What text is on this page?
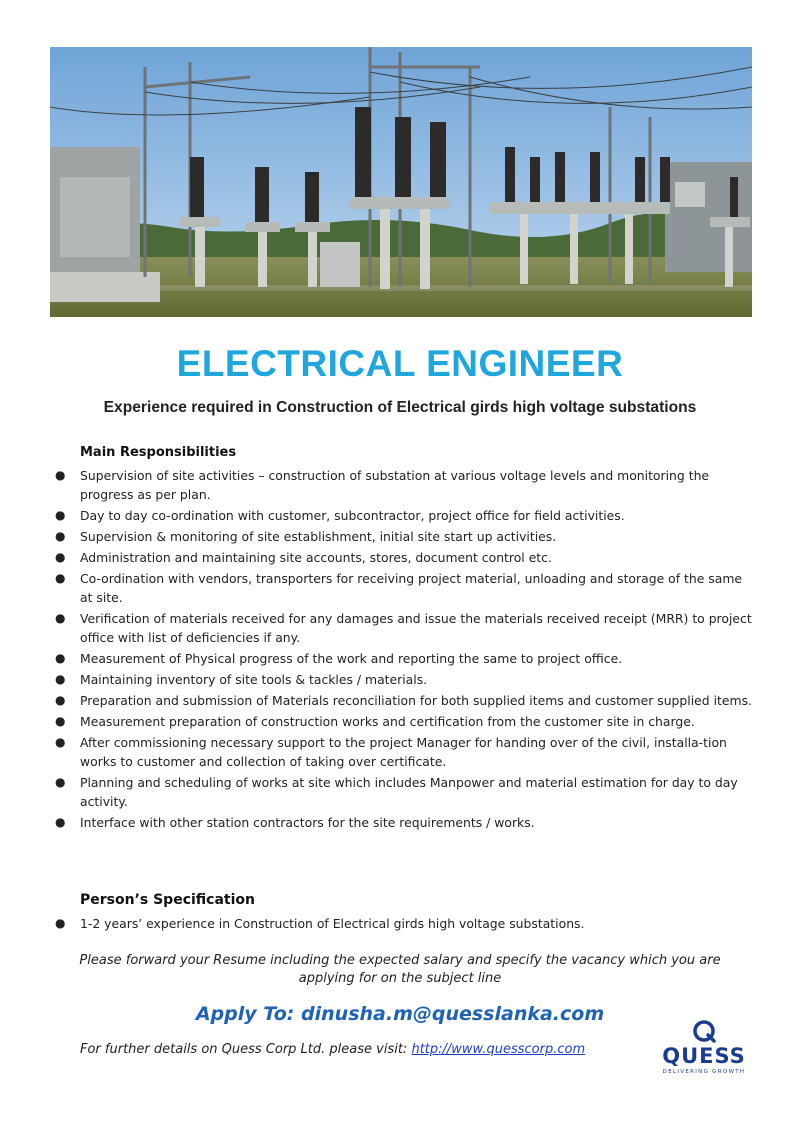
ELECTRICAL ENGINEER
Experience required in Construction of Electrical girds high voltage substations
Main Responsibilities
● Supervision of site activities – construction of substation at various voltage levels and monitoring the progress as per plan.
● Day to day co-ordination with customer, subcontractor, project office for field activities.
● Supervision & monitoring of site establishment, initial site start up activities.
● Administration and maintaining site accounts, stores, document control etc.
● Co-ordination with vendors, transporters for receiving project material, unloading and storage of the same at site.
● Verification of materials received for any damages and issue the materials received receipt (MRR) to project office with list of deficiencies if any.
● Measurement of Physical progress of the work and reporting the same to project office.
● Maintaining inventory of site tools & tackles / materials.
● Preparation and submission of Materials reconciliation for both supplied items and customer supplied items.
● Measurement preparation of construction works and certification from the customer site in charge.
● After commissioning necessary support to the project Manager for handing over of the civil, installa-tion works to customer and collection of taking over certificate.
● Planning and scheduling of works at site which includes Manpower and material estimation for day to day activity.
● Interface with other station contractors for the site requirements / works.
Person’s Specification
● 1-2 years’ experience in Construction of Electrical girds high voltage substations.
Please forward your Resume including the expected salary and specify the vacancy which you are applying for on the subject line
Apply To: dinusha.m@quesslanka.com
For further details on Quess Corp Ltd. please visit: http://www.quesscorp.com	QUESS
DELIVERING GROWTH
